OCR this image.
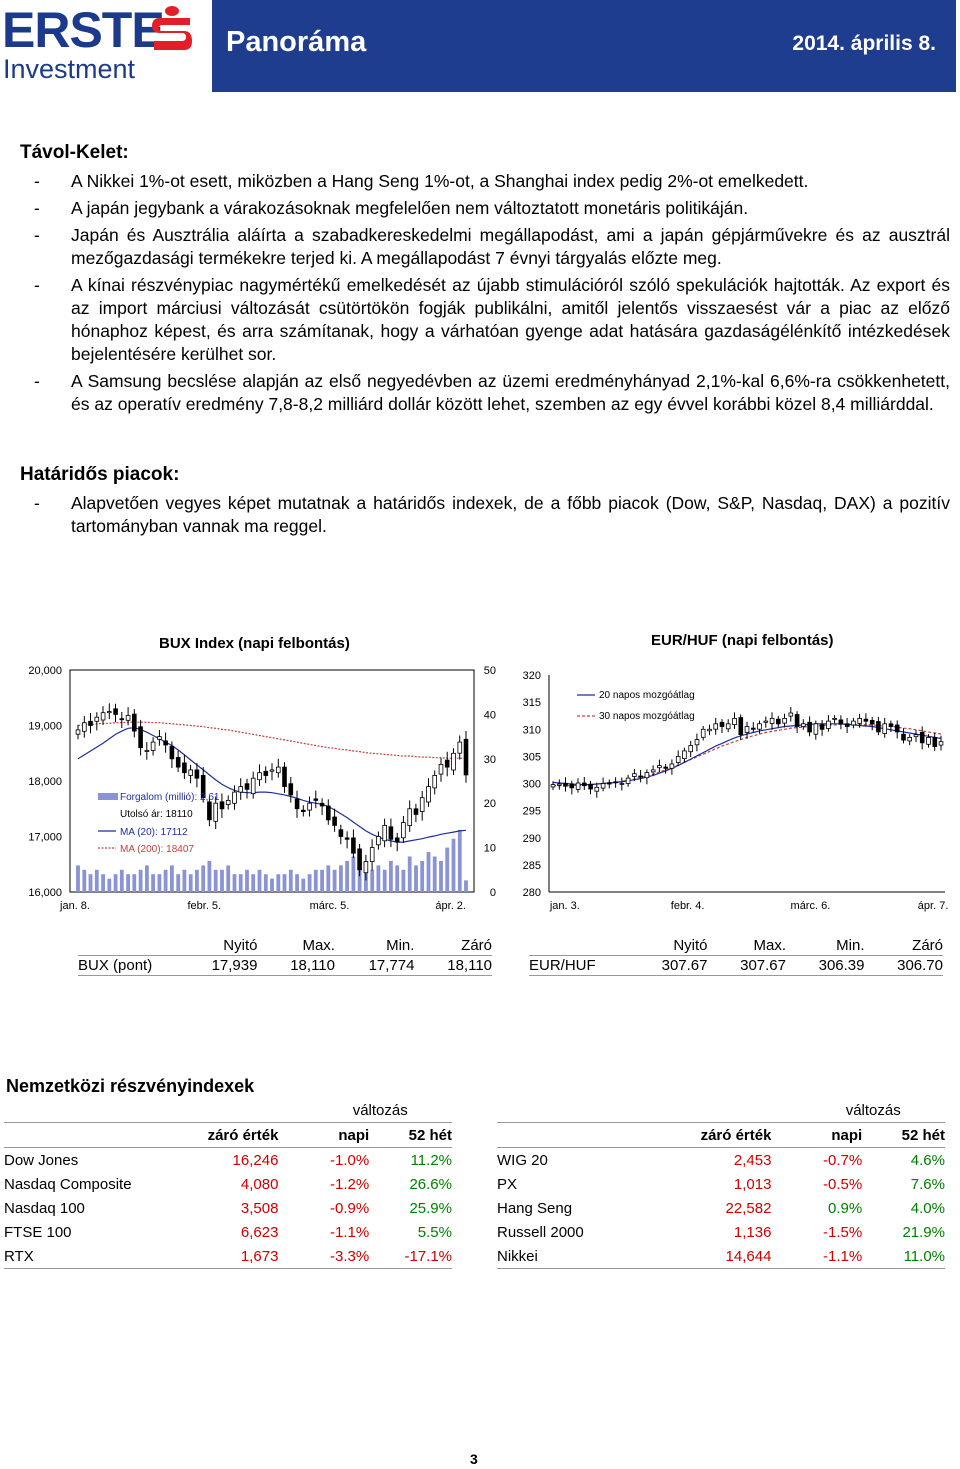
ERSTE
Investment
Panoráma	2014. április 8.
Távol-Kelet:
- A Nikkei 1%-ot esett, miközben a Hang Seng 1%-ot, a Shanghai index pedig 2%-ot emelkedett.
- A japán jegybank a várakozásoknak megfelelően nem változtatott monetáris politikáján.
- Japán és Ausztrália aláírta a szabadkereskedelmi megállapodást, ami a japán gépjárművekre és az ausztrál mezőgazdasági termékekre terjed ki. A megállapodást 7 évnyi tárgyalás előzte meg.
- A kínai részvénypiac nagymértékű emelkedését az újabb stimulációról szóló spekulációk hajtották. Az export és az import márciusi változását csütörtökön fogják publikálni, amitől jelentős visszaesést vár a piac az előző hónaphoz képest, és arra számítanak, hogy a várhatóan gyenge adat hatására gazdaságélénkítő intézkedések bejelentésére kerülhet sor.
- A Samsung becslése alapján az első negyedévben az üzemi eredményhányad 2,1%-kal 6,6%-ra csökkenhetett, és az operatív eredmény 7,8-8,2 milliárd dollár között lehet, szemben az egy évvel korábbi közel 8,4 milliárddal.
Határidős piacok:
- Alapvetően vegyes képet mutatnak a határidős indexek, de a főbb piacok (Dow, S&P, Nasdaq, DAX) a pozitív tartományban vannak ma reggel.
BUX Index (napi felbontás)	EUR/HUF (napi felbontás)
20,000
19,000
18,000
17,000
16,000
50
40
30
20
10
0
jan. 8.	febr. 5.	márc. 5.	ápr. 2.
Forgalom (millió): 2,61
Utolsó ár: 18110
MA (20): 17112
MA (200): 18407
320
315
310
305
300
295
290
285
280
jan. 3.	febr. 4.	márc. 6.	ápr. 7.
20 napos mozgóátlag
30 napos mozgóátlag
	Nyitó	Max.	Min.	Záró
BUX (pont)	17,939	18,110	17,774	18,110
	Nyitó	Max.	Min.	Záró
EUR/HUF	307.67	307.67	306.39	306.70
Nemzetközi részvényindexek
		változás	
	záró érték	napi	52 hét
Dow Jones	16,246	-1.0%	11.2%
Nasdaq Composite	4,080	-1.2%	26.6%
Nasdaq 100	3,508	-0.9%	25.9%
FTSE 100	6,623	-1.1%	5.5%
RTX	1,673	-3.3%	-17.1%
		változás	
	záró érték	napi	52 hét
WIG 20	2,453	-0.7%	4.6%
PX	1,013	-0.5%	7.6%
Hang Seng	22,582	0.9%	4.0%
Russell 2000	1,136	-1.5%	21.9%
Nikkei	14,644	-1.1%	11.0%
3
